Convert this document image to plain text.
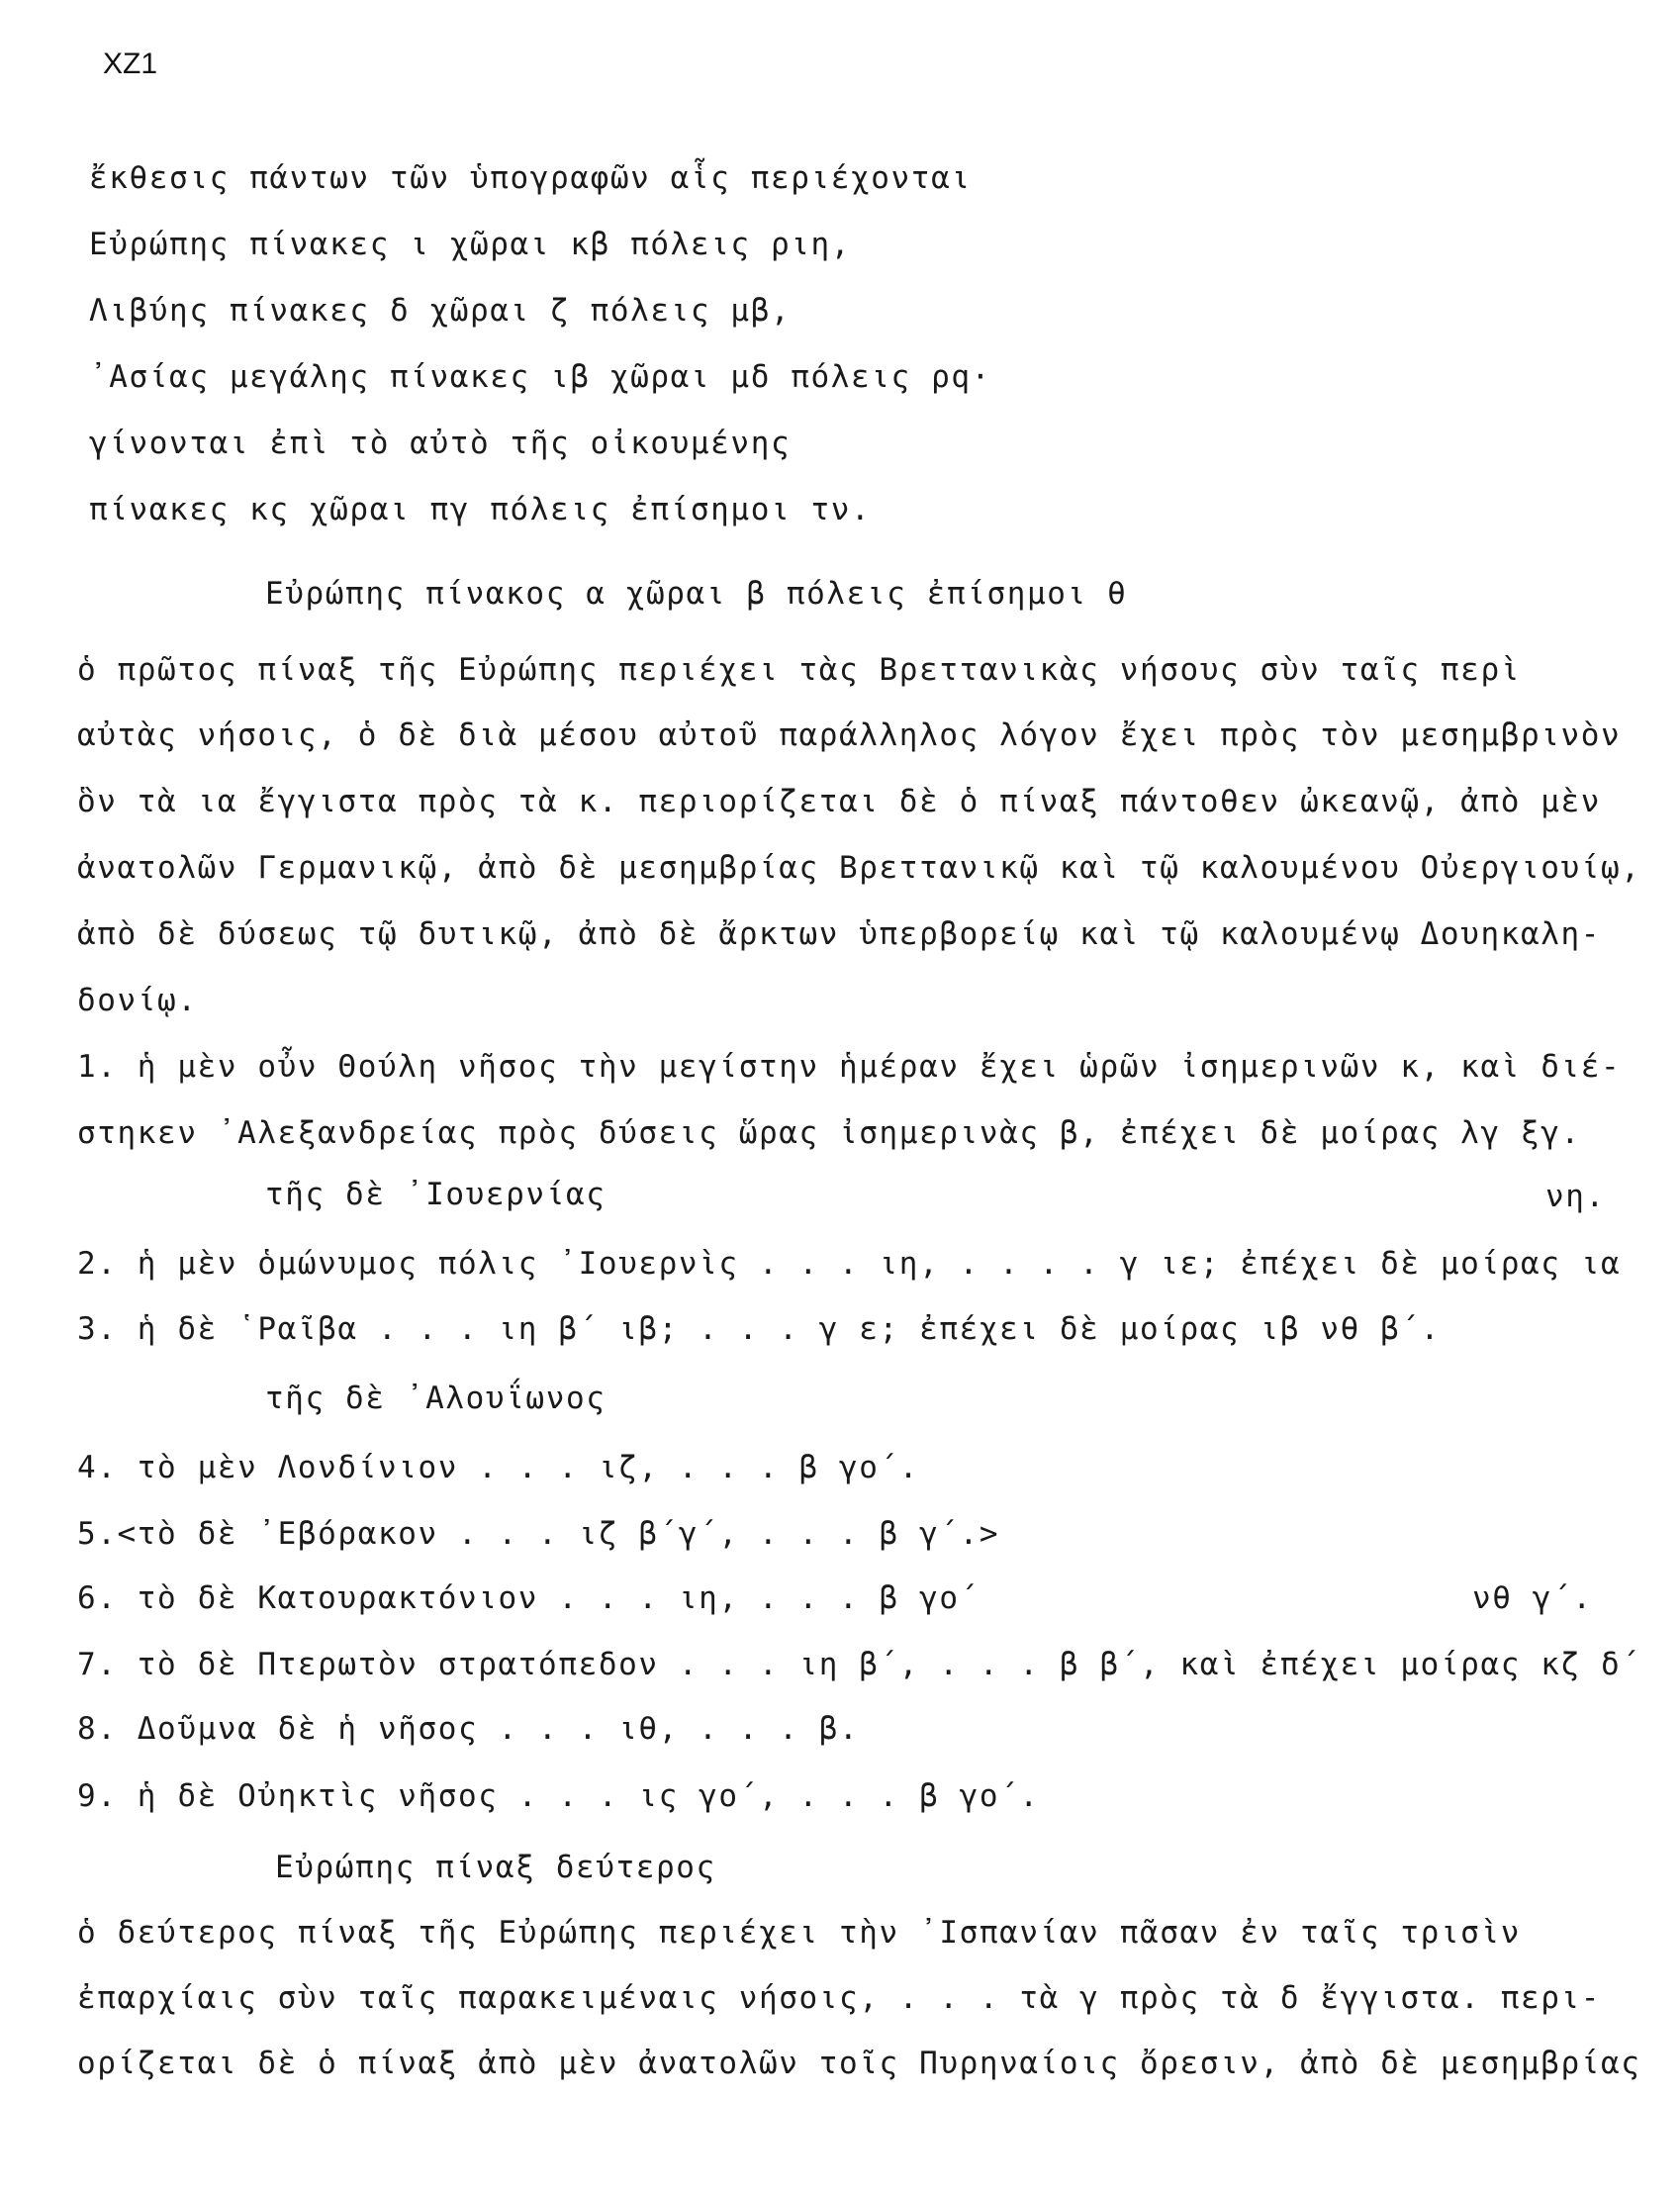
XZ1
ἔκθεσις πάντων τῶν ὑπογραφῶν αἷς περιέχονται
Εὐρώπης πίνακες ι χῶραι κβ πόλεις ριη,
Λιβύης πίνακες δ χῶραι ζ πόλεις μβ,
᾿Ασίας μεγάλης πίνακες ιβ χῶραι μδ πόλεις ρq·
γίνονται ἐπὶ τὸ αὐτὸ τῆς οἰκουμένης
πίνακες κς χῶραι πγ πόλεις ἐπίσημοι τν.
Εὐρώπης πίνακος α χῶραι β πόλεις ἐπίσημοι θ
ὁ πρῶτος πίναξ τῆς Εὐρώπης περιέχει τὰς Βρεττανικὰς νήσους σὺν ταῖς περὶ
αὐτὰς νήσοις, ὁ δὲ διὰ μέσου αὐτοῦ παράλληλος λόγον ἔχει πρὸς τὸν μεσημβρινὸν
ὃν τὰ ια ἔγγιστα πρὸς τὰ κ. περιορίζεται δὲ ὁ πίναξ πάντοθεν ὠκεανῷ, ἀπὸ μὲν
ἀνατολῶν Γερμανικῷ, ἀπὸ δὲ μεσημβρίας Βρεττανικῷ καὶ τῷ καλουμένου Οὐεργιουίῳ,
ἀπὸ δὲ δύσεως τῷ δυτικῷ, ἀπὸ δὲ ἄρκτων ὑπερβορείῳ καὶ τῷ καλουμένῳ Δουηκαλη-
δονίῳ.
1. ἡ μὲν οὖν Θούλη νῆσος τὴν μεγίστην ἡμέραν ἔχει ὡρῶν ἰσημερινῶν κ, καὶ διέ-
στηκεν ᾿Αλεξανδρείας πρὸς δύσεις ὥρας ἰσημερινὰς β, ἐπέχει δὲ μοίρας λγ ξγ.
τῆς δὲ ᾿Ιουερνίας	νη.
2. ἡ μὲν ὁμώνυμος πόλις ᾿Ιουερνὶς . . . ιη, . . . . γ ιε; ἐπέχει δὲ μοίρας ια
3. ἡ δὲ ῾Ραῖβα . . . ιη β΄ ιβ; . . . γ ε; ἐπέχει δὲ μοίρας ιβ νθ β΄.
τῆς δὲ ᾿Αλουΐωνος
4. τὸ μὲν Λονδίνιον . . . ιζ, . . . β γο΄.
5.<τὸ δὲ ᾿Εβόρακον . . . ιζ β΄γ΄, . . . β γ΄.>
6. τὸ δὲ Κατουρακτόνιον . . . ιη, . . . β γο΄	νθ γ΄.
7. τὸ δὲ Πτερωτὸν στρατόπεδον . . . ιη β΄, . . . β β΄, καὶ ἐπέχει μοίρας κζ δ΄
8. Δοῦμνα δὲ ἡ νῆσος . . . ιθ, . . . β.
9. ἡ δὲ Οὐηκτὶς νῆσος . . . ις γο΄, . . . β γο΄.
Εὐρώπης πίναξ δεύτερος
ὁ δεύτερος πίναξ τῆς Εὐρώπης περιέχει τὴν ᾿Ισπανίαν πᾶσαν ἐν ταῖς τρισὶν
ἐπαρχίαις σὺν ταῖς παρακειμέναις νήσοις, . . . τὰ γ πρὸς τὰ δ ἔγγιστα. περι-
ορίζεται δὲ ὁ πίναξ ἀπὸ μὲν ἀνατολῶν τοῖς Πυρηναίοις ὄρεσιν, ἀπὸ δὲ μεσημβρίας
